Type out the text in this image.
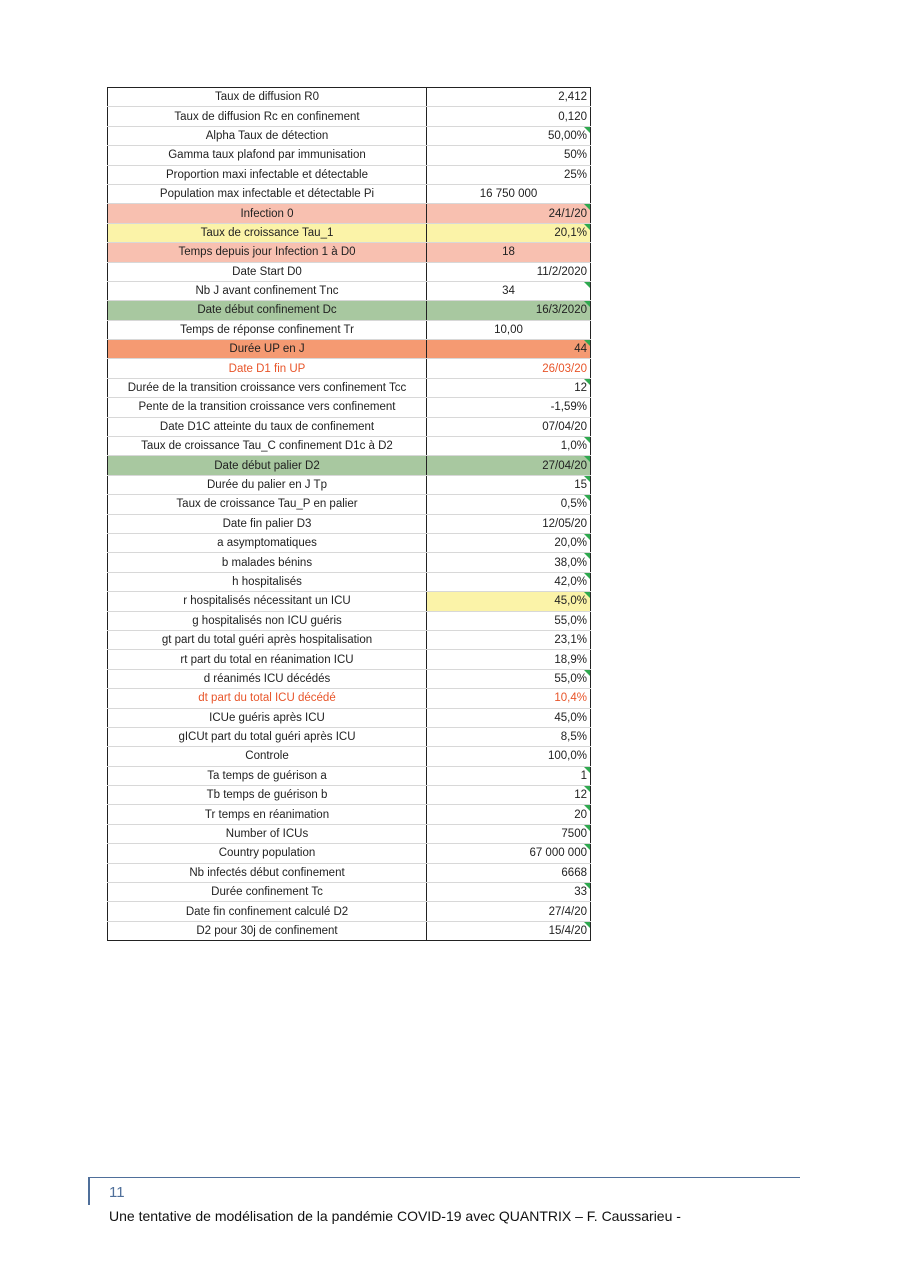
Taux de diffusion R0	2,412
Taux de diffusion Rc en confinement	0,120
Alpha Taux de détection	50,00%
Gamma taux plafond par immunisation	50%
Proportion maxi infectable et détectable	25%
Population max infectable et détectable Pi	16 750 000
Infection 0	24/1/20
Taux de croissance Tau_1	20,1%
Temps depuis jour Infection 1 à D0	18
Date Start D0	11/2/2020
Nb J avant confinement Tnc	34
Date début confinement Dc	16/3/2020
Temps de réponse confinement Tr	10,00
Durée UP en J	44
Date D1 fin UP	26/03/20
Durée de la transition croissance vers confinement Tcc	12
Pente de la transition croissance vers confinement	-1,59%
Date D1C atteinte du taux de confinement	07/04/20
Taux de croissance Tau_C confinement D1c à D2	1,0%
Date début palier D2	27/04/20
Durée du palier en J Tp	15
Taux de croissance Tau_P en palier	0,5%
Date fin palier D3	12/05/20
a asymptomatiques	20,0%
b malades bénins	38,0%
h hospitalisés	42,0%
r hospitalisés nécessitant un ICU	45,0%
g hospitalisés non ICU guéris	55,0%
gt part du total guéri après hospitalisation	23,1%
rt part du total en réanimation ICU	18,9%
d réanimés ICU décédés	55,0%
dt part du total ICU décédé	10,4%
ICUe guéris après ICU	45,0%
gICUt part du total guéri après ICU	8,5%
Controle	100,0%
Ta temps de guérison a	1
Tb temps de guérison b	12
Tr temps en réanimation	20
Number of ICUs	7500
Country population	67 000 000
Nb infectés début confinement	6668
Durée confinement Tc	33
Date fin confinement calculé D2	27/4/20
D2 pour 30j de confinement	15/4/20
11
Une tentative de modélisation de la pandémie COVID-19 avec QUANTRIX – F. Caussarieu -
